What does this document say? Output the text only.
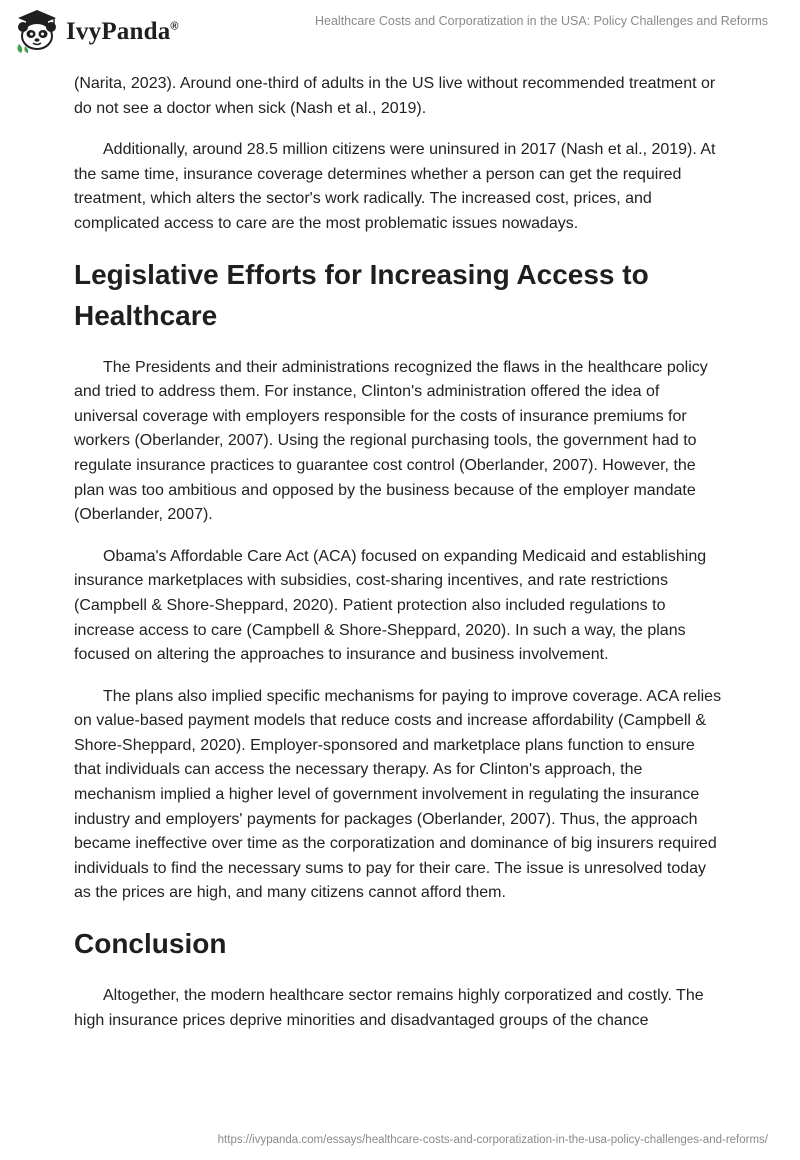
IvyPanda®	Healthcare Costs and Corporatization in the USA: Policy Challenges and Reforms

(Narita, 2023). Around one-third of adults in the US live without recommended treatment or do not see a doctor when sick (Nash et al., 2019).

Additionally, around 28.5 million citizens were uninsured in 2017 (Nash et al., 2019). At the same time, insurance coverage determines whether a person can get the required treatment, which alters the sector's work radically. The increased cost, prices, and complicated access to care are the most problematic issues nowadays.

Legislative Efforts for Increasing Access to Healthcare

The Presidents and their administrations recognized the flaws in the healthcare policy and tried to address them. For instance, Clinton's administration offered the idea of universal coverage with employers responsible for the costs of insurance premiums for workers (Oberlander, 2007). Using the regional purchasing tools, the government had to regulate insurance practices to guarantee cost control (Oberlander, 2007). However, the plan was too ambitious and opposed by the business because of the employer mandate (Oberlander, 2007).

Obama's Affordable Care Act (ACA) focused on expanding Medicaid and establishing insurance marketplaces with subsidies, cost-sharing incentives, and rate restrictions (Campbell & Shore-Sheppard, 2020). Patient protection also included regulations to increase access to care (Campbell & Shore-Sheppard, 2020). In such a way, the plans focused on altering the approaches to insurance and business involvement.

The plans also implied specific mechanisms for paying to improve coverage. ACA relies on value-based payment models that reduce costs and increase affordability (Campbell & Shore-Sheppard, 2020). Employer-sponsored and marketplace plans function to ensure that individuals can access the necessary therapy. As for Clinton's approach, the mechanism implied a higher level of government involvement in regulating the insurance industry and employers' payments for packages (Oberlander, 2007). Thus, the approach became ineffective over time as the corporatization and dominance of big insurers required individuals to find the necessary sums to pay for their care. The issue is unresolved today as the prices are high, and many citizens cannot afford them.

Conclusion

Altogether, the modern healthcare sector remains highly corporatized and costly. The high insurance prices deprive minorities and disadvantaged groups of the chance

https://ivypanda.com/essays/healthcare-costs-and-corporatization-in-the-usa-policy-challenges-and-reforms/
